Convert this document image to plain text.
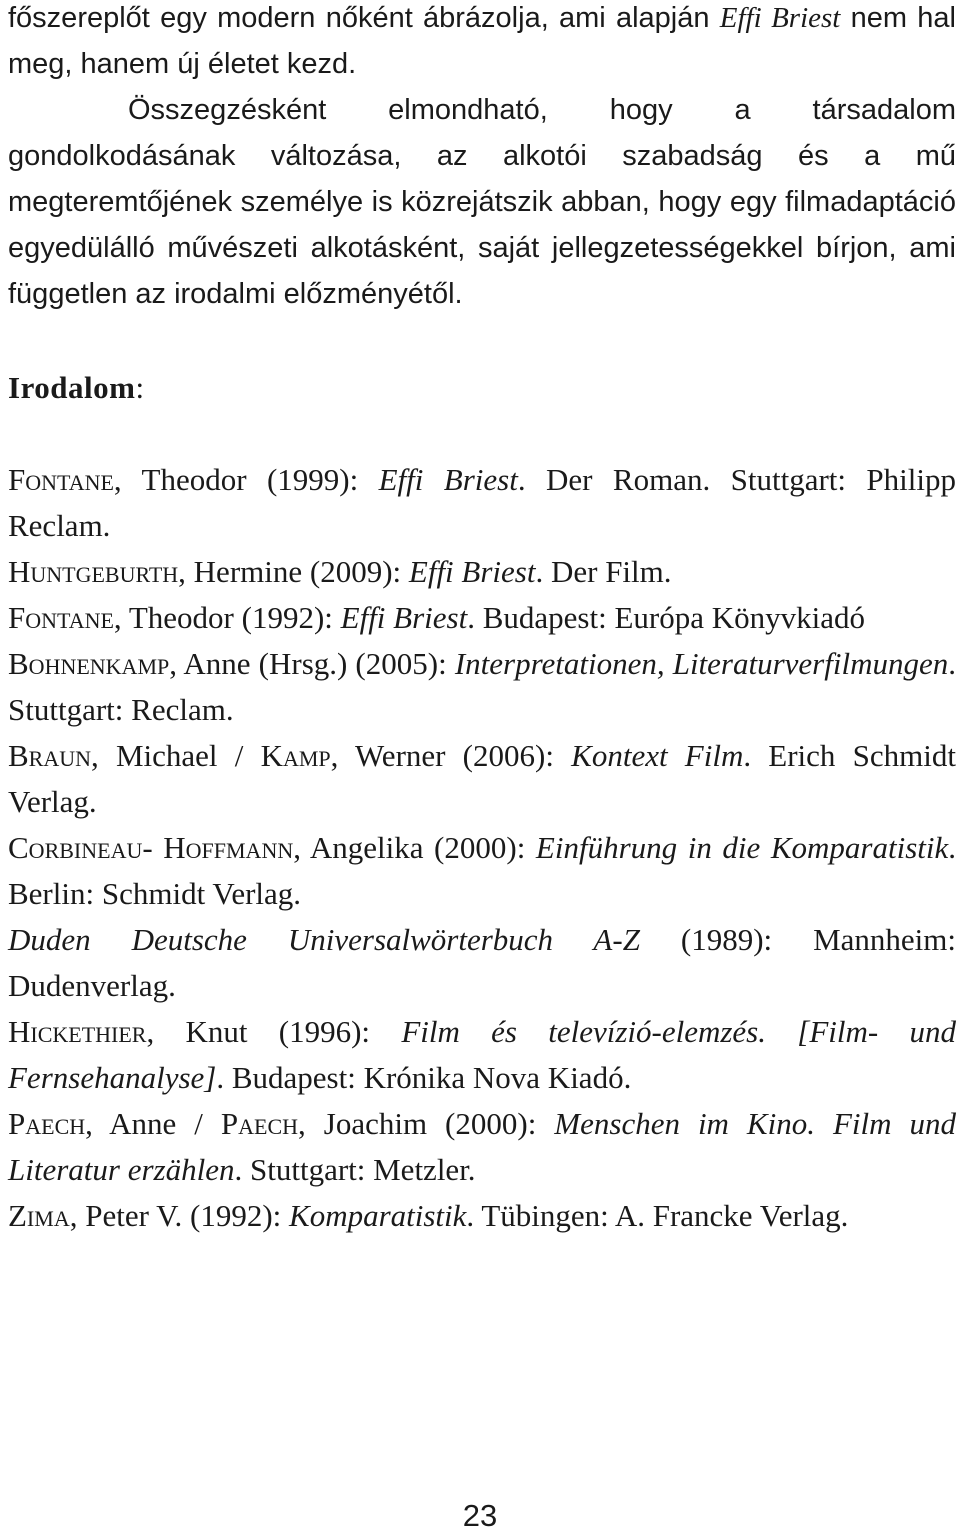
főszereplőt egy modern nőként ábrázolja, ami alapján Effi Briest nem hal meg, hanem új életet kezd.

Összegzésként elmondható, hogy a társadalom gondolkodásának változása, az alkotói szabadság és a mű megteremtőjének személye is közrejátszik abban, hogy egy filmadaptáció egyedülálló művészeti alkotásként, saját jellegzetességekkel bírjon, ami független az irodalmi előzményétől.

Irodalom:

Fontane, Theodor (1999): Effi Briest. Der Roman. Stuttgart: Philipp Reclam.

Huntgeburth, Hermine (2009): Effi Briest. Der Film.

Fontane, Theodor (1992): Effi Briest. Budapest: Európa Könyvkiadó

Bohnenkamp, Anne (Hrsg.) (2005): Interpretationen, Literaturverfilmungen. Stuttgart: Reclam.

Braun, Michael / Kamp, Werner (2006): Kontext Film. Erich Schmidt Verlag.

Corbineau- Hoffmann, Angelika (2000): Einführung in die Komparatistik. Berlin: Schmidt Verlag.

Duden Deutsche Universalwörterbuch A-Z (1989): Mannheim: Dudenverlag.

Hickethier, Knut (1996): Film és televízió-elemzés. [Film- und Fernsehanalyse]. Budapest: Krónika Nova Kiadó.

Paech, Anne / Paech, Joachim (2000): Menschen im Kino. Film und Literatur erzählen. Stuttgart: Metzler.

Zima, Peter V. (1992): Komparatistik. Tübingen: A. Francke Verlag.

23
